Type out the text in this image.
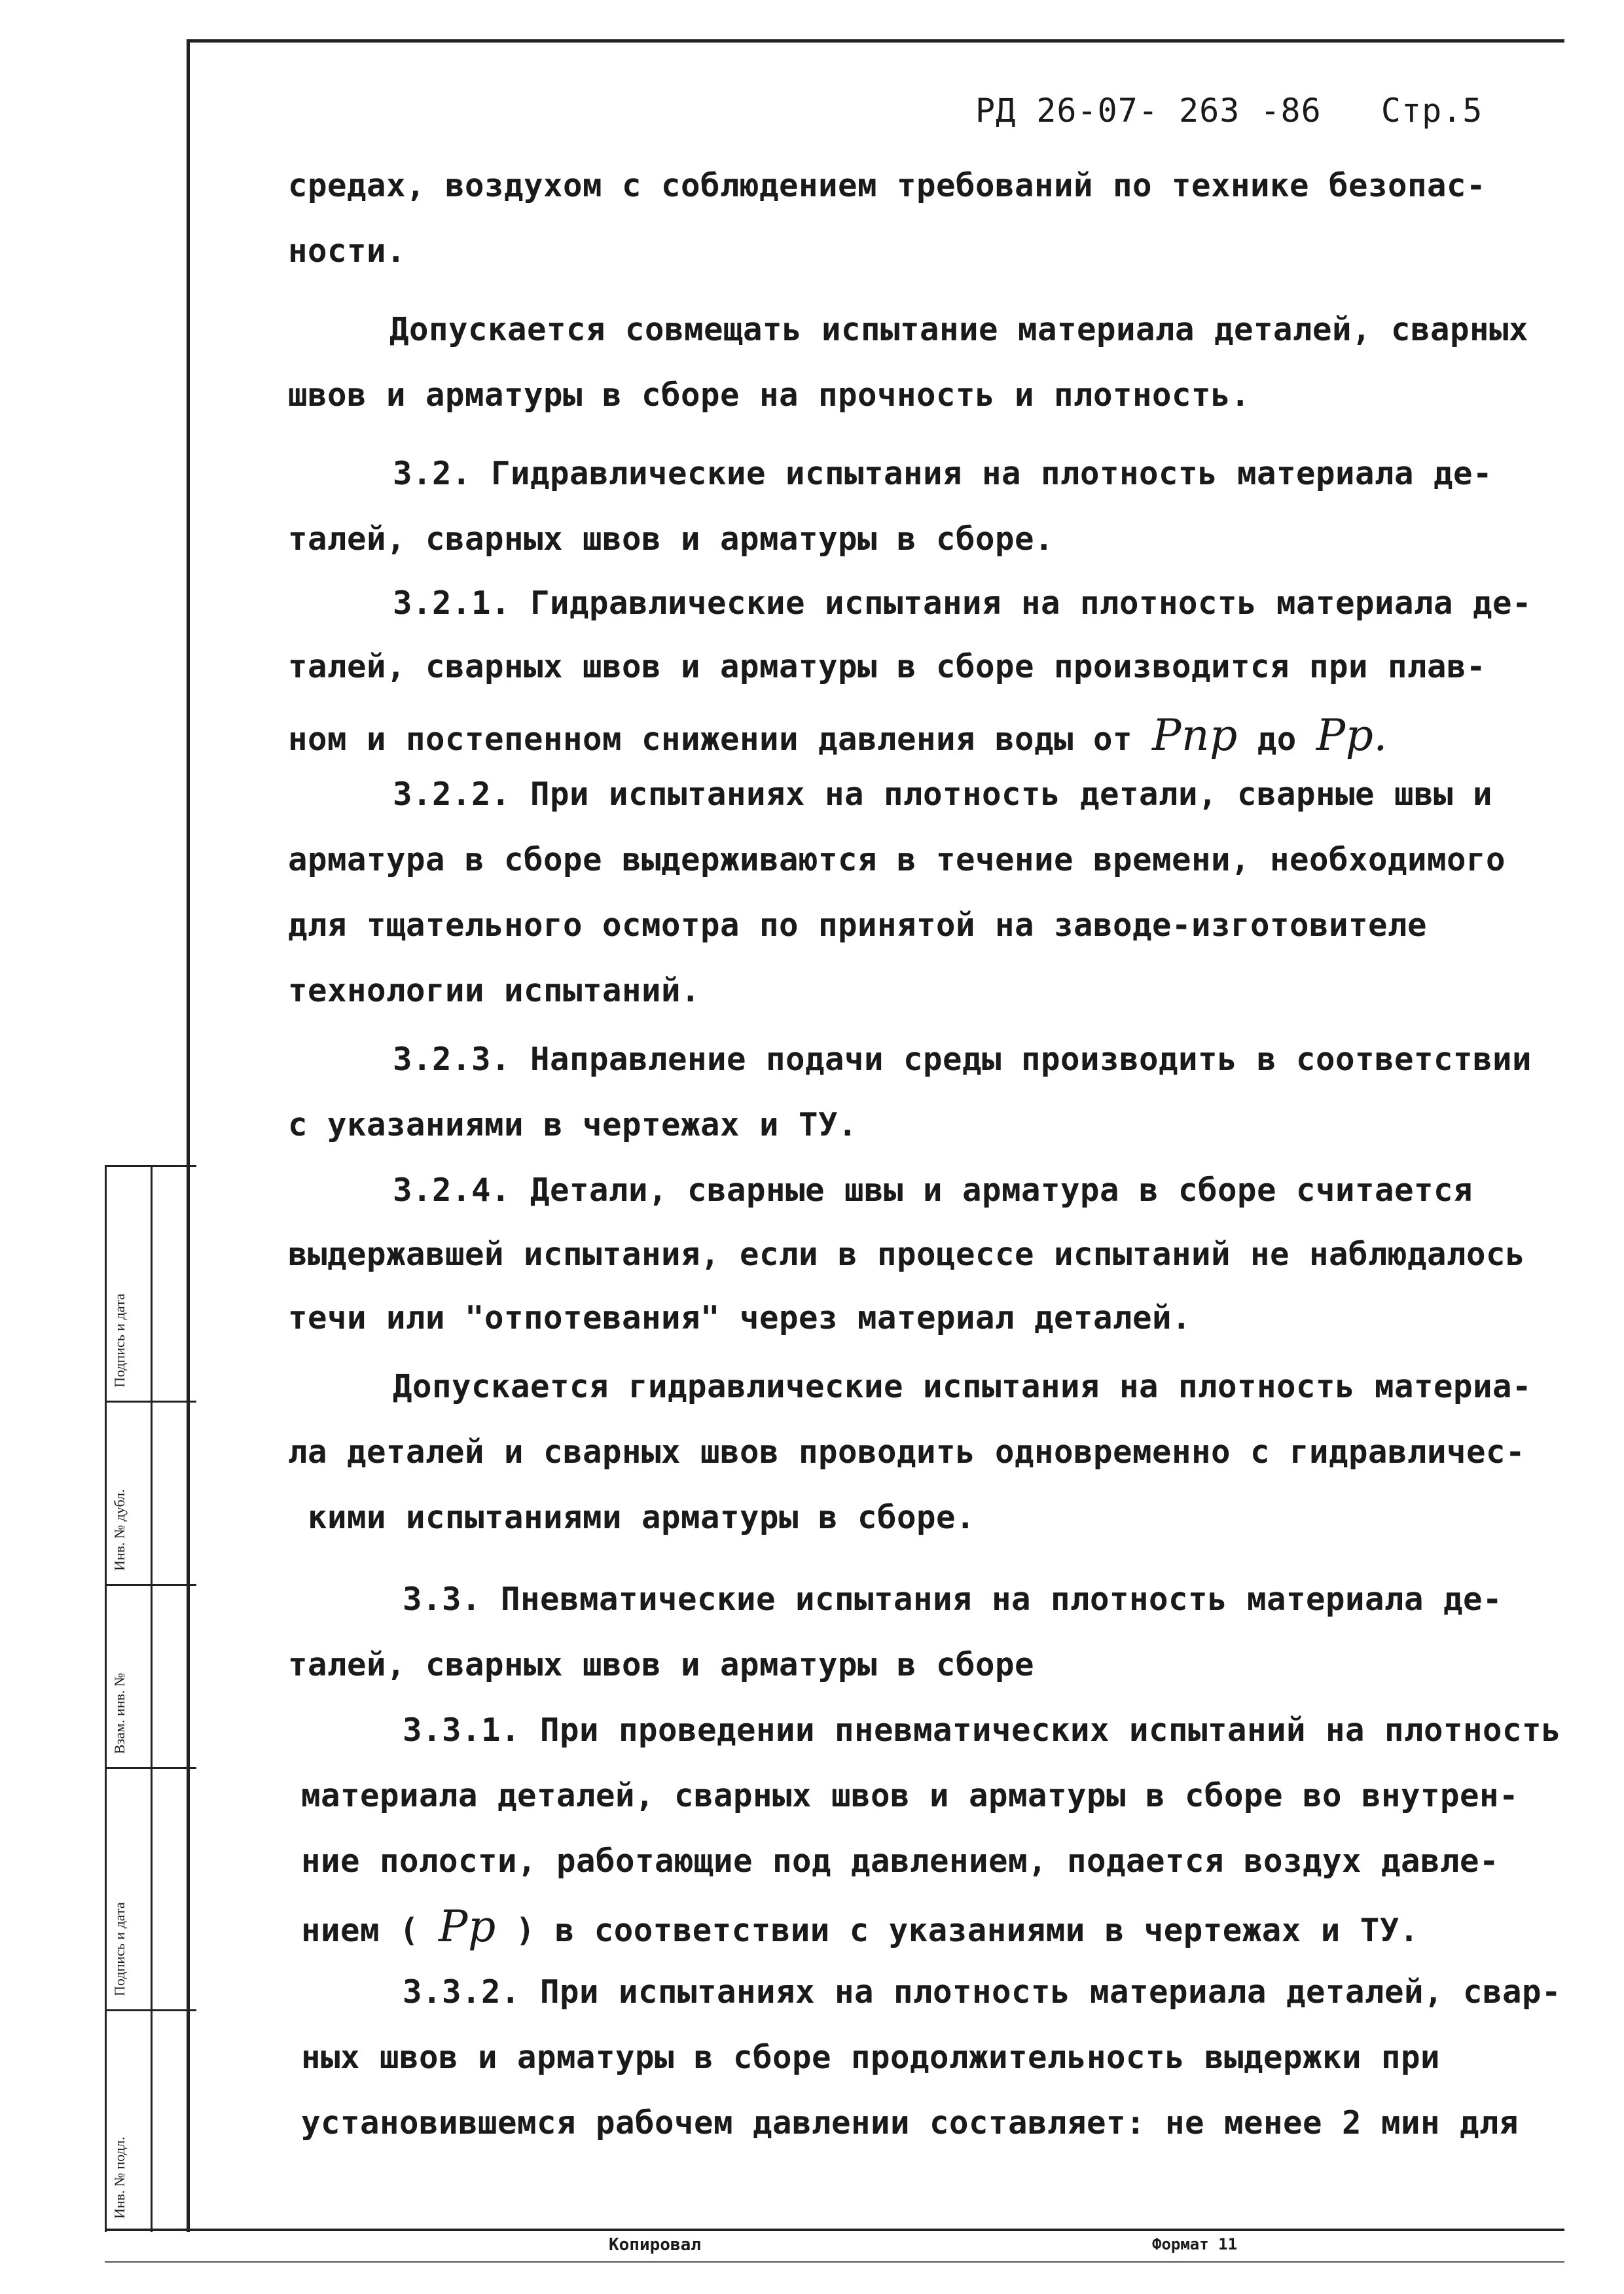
РД 26-07- 263 -86 Стр.5
средах, воздухом с соблюдением требований по технике безопас-
ности.
Допускается совмещать испытание материала деталей, сварных
швов и арматуры в сборе на прочность и плотность.
3.2. Гидравлические испытания на плотность материала де-
талей, сварных швов и арматуры в сборе.
3.2.1. Гидравлические испытания на плотность материала де-
талей, сварных швов и арматуры в сборе производится при плав-
ном и постепенном снижении давления воды от Рпр до Рр.
3.2.2. При испытаниях на плотность детали, сварные швы и
арматура в сборе выдерживаются в течение времени, необходимого
для тщательного осмотра по принятой на заводе-изготовителе
технологии испытаний.
3.2.3. Направление подачи среды производить в соответствии
с указаниями в чертежах и ТУ.
3.2.4. Детали, сварные швы и арматура в сборе считается
выдержавшей испытания, если в процессе испытаний не наблюдалось
течи или "отпотевания" через материал деталей.
Допускается гидравлические испытания на плотность материа-
ла деталей и сварных швов проводить одновременно с гидравличес-
кими испытаниями арматуры в сборе.
3.3. Пневматические испытания на плотность материала де-
талей, сварных швов и арматуры в сборе
3.3.1. При проведении пневматических испытаний на плотность
материала деталей, сварных швов и арматуры в сборе во внутрен-
ние полости, работающие под давлением, подается воздух давле-
нием ( Рр ) в соответствии с указаниями в чертежах и ТУ.
3.3.2. При испытаниях на плотность материала деталей, свар-
ных швов и арматуры в сборе продолжительность выдержки при
установившемся рабочем давлении составляет: не менее 2 мин для
Инв. № подл.
Подпись и дата
Взам. инв. №
Инв. № дубл.
Подпись и дата
Копировал	Формат 11
